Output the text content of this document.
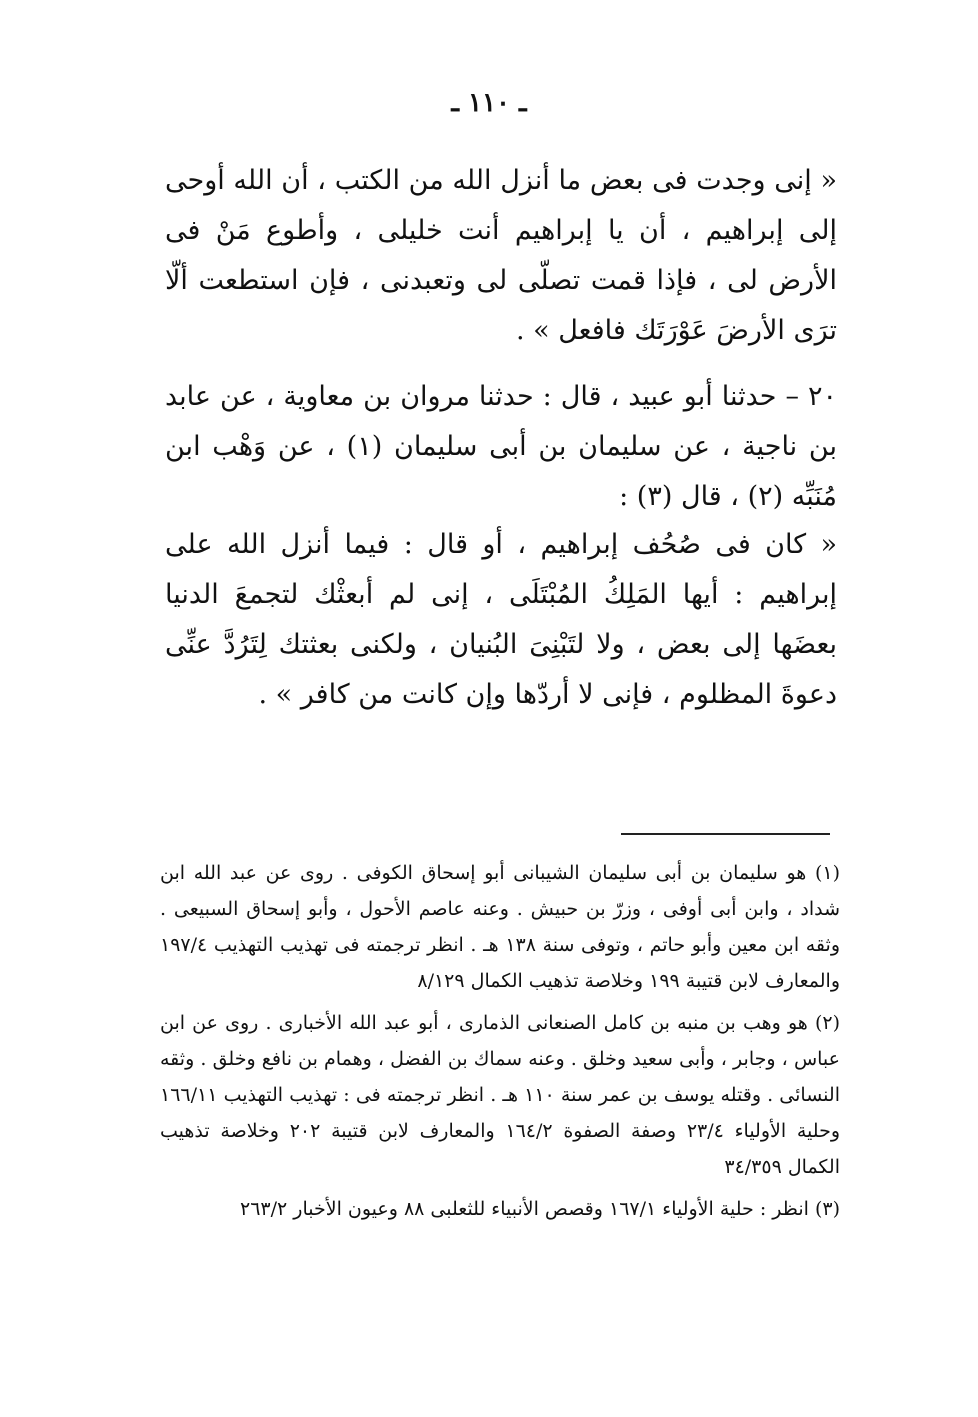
ـ ١١٠ ـ

« إنى وجدت فى بعض ما أنزل الله من الكتب ، أن الله أوحى إلى إبراهيم ، أن يا إبراهيم أنت خليلى ، وأطوع مَنْ فى الأرض لى ، فإذا قمت تصلّى لى وتعبدنى ، فإن استطعت ألّا ترَى الأرضَ عَوْرَتَك فافعل » .

٢٠ – حدثنا أبو عبيد ، قال : حدثنا مروان بن معاوية ، عن عابد بن ناجية ، عن سليمان بن أبى سليمان (١) ، عن وَهْب ابن مُنَبِّه (٢) ، قال (٣) :

« كان فى صُحُف إبراهيم ، أو قال : فيما أنزل الله على إبراهيم : أيها المَلِكُ المُبْتَلَى ، إنى لم أبعثْك لتجمعَ الدنيا بعضَها إلى بعض ، ولا لتَبْنِىَ البُنيان ، ولكنى بعثتك لِتَرُدَّ عنِّى دعوةَ المظلوم ، فإنى لا أردّها وإن كانت من كافر » .

(١) هو سليمان بن أبى سليمان الشيبانى أبو إسحاق الكوفى . روى عن عبد الله ابن شداد ، وابن أبى أوفى ، وزرّ بن حبيش . وعنه عاصم الأحول ، وأبو إسحاق السبيعى . وثقه ابن معين وأبو حاتم ، وتوفى سنة ١٣٨ هـ . انظر ترجمته فى تهذيب التهذيب ١٩٧/٤ والمعارف لابن قتيبة ١٩٩ وخلاصة تذهيب الكمال ٨/١٢٩

(٢) هو وهب بن منبه بن كامل الصنعانى الذمارى ، أبو عبد الله الأخبارى . روى عن ابن عباس ، وجابر ، وأبى سعيد وخلق . وعنه سماك بن الفضل ، وهمام بن نافع وخلق . وثقه النسائى . وقتله يوسف بن عمر سنة ١١٠ هـ . انظر ترجمته فى : تهذيب التهذيب ١٦٦/١١ وحلية الأولياء ٢٣/٤ وصفة الصفوة ١٦٤/٢ والمعارف لابن قتيبة ٢٠٢ وخلاصة تذهيب الكمال ٣٤/٣٥٩

(٣) انظر : حلية الأولياء ١٦٧/١ وقصص الأنبياء للثعلبى ٨٨ وعيون الأخبار ٢٦٣/٢
